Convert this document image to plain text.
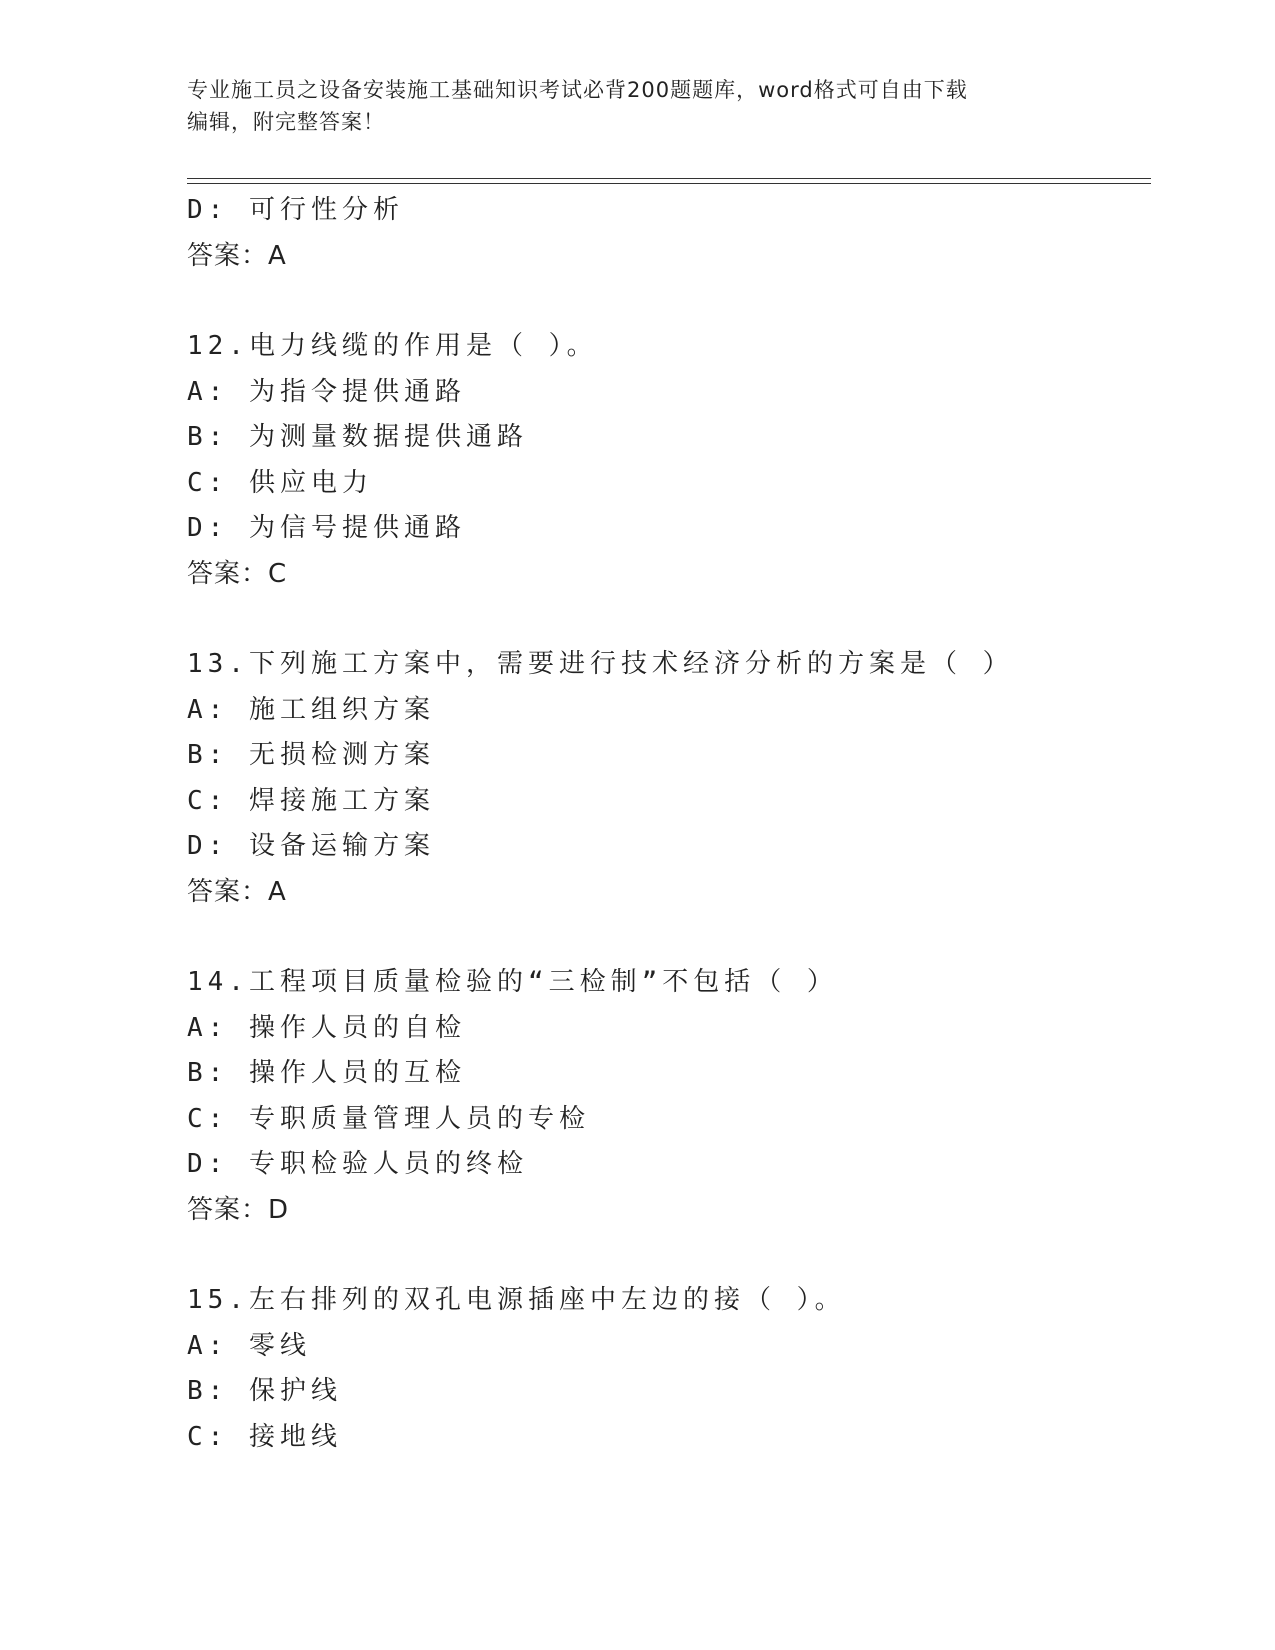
专业施工员之设备安装施工基础知识考试必背200题题库，word格式可自由下载
编辑，附完整答案！
D: 可行性分析
答案：A
12.电力线缆的作用是（ ）。
A: 为指令提供通路
B: 为测量数据提供通路
C: 供应电力
D: 为信号提供通路
答案：C
13.下列施工方案中，需要进行技术经济分析的方案是（ ）
A: 施工组织方案
B: 无损检测方案
C: 焊接施工方案
D: 设备运输方案
答案：A
14.工程项目质量检验的“三检制”不包括（ ）
A: 操作人员的自检
B: 操作人员的互检
C: 专职质量管理人员的专检
D: 专职检验人员的终检
答案：D
15.左右排列的双孔电源插座中左边的接（ ）。
A: 零线
B: 保护线
C: 接地线
